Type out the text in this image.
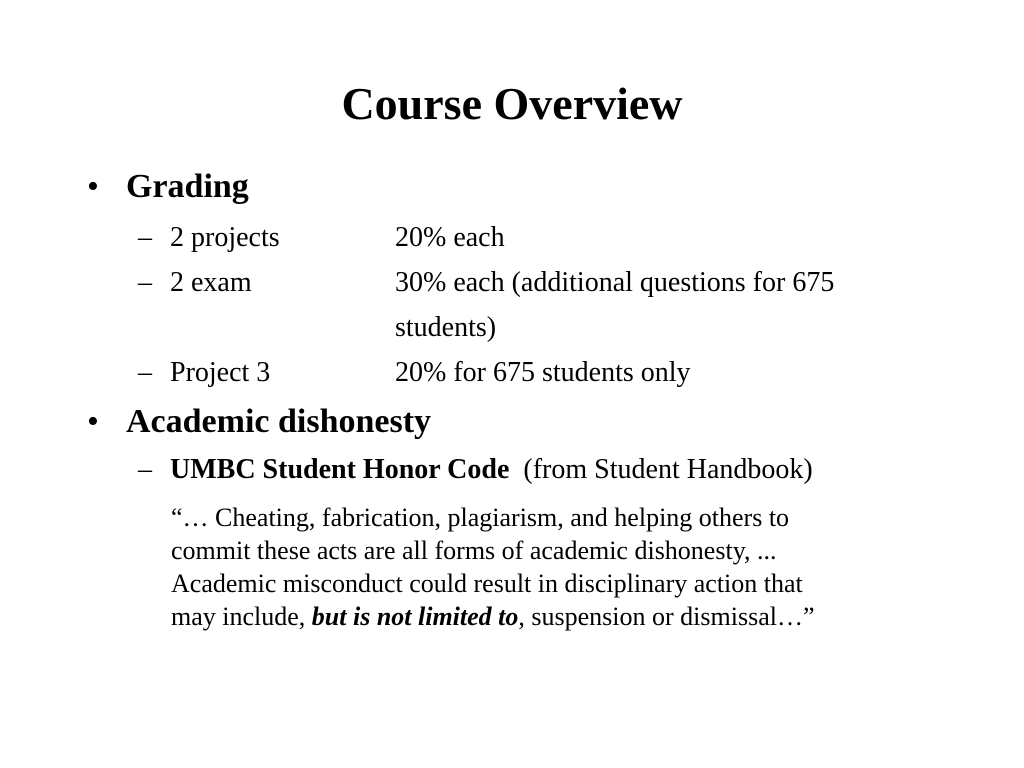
Course Overview
• Grading
– 2 projects	20% each
– 2 exam	30% each (additional questions for 675
students)
– Project 3	20% for 675 students only
• Academic dishonesty
– UMBC Student Honor Code (from Student Handbook)
“… Cheating, fabrication, plagiarism, and helping others to
commit these acts are all forms of academic dishonesty, ...
Academic misconduct could result in disciplinary action that
may include, but is not limited to, suspension or dismissal…”
